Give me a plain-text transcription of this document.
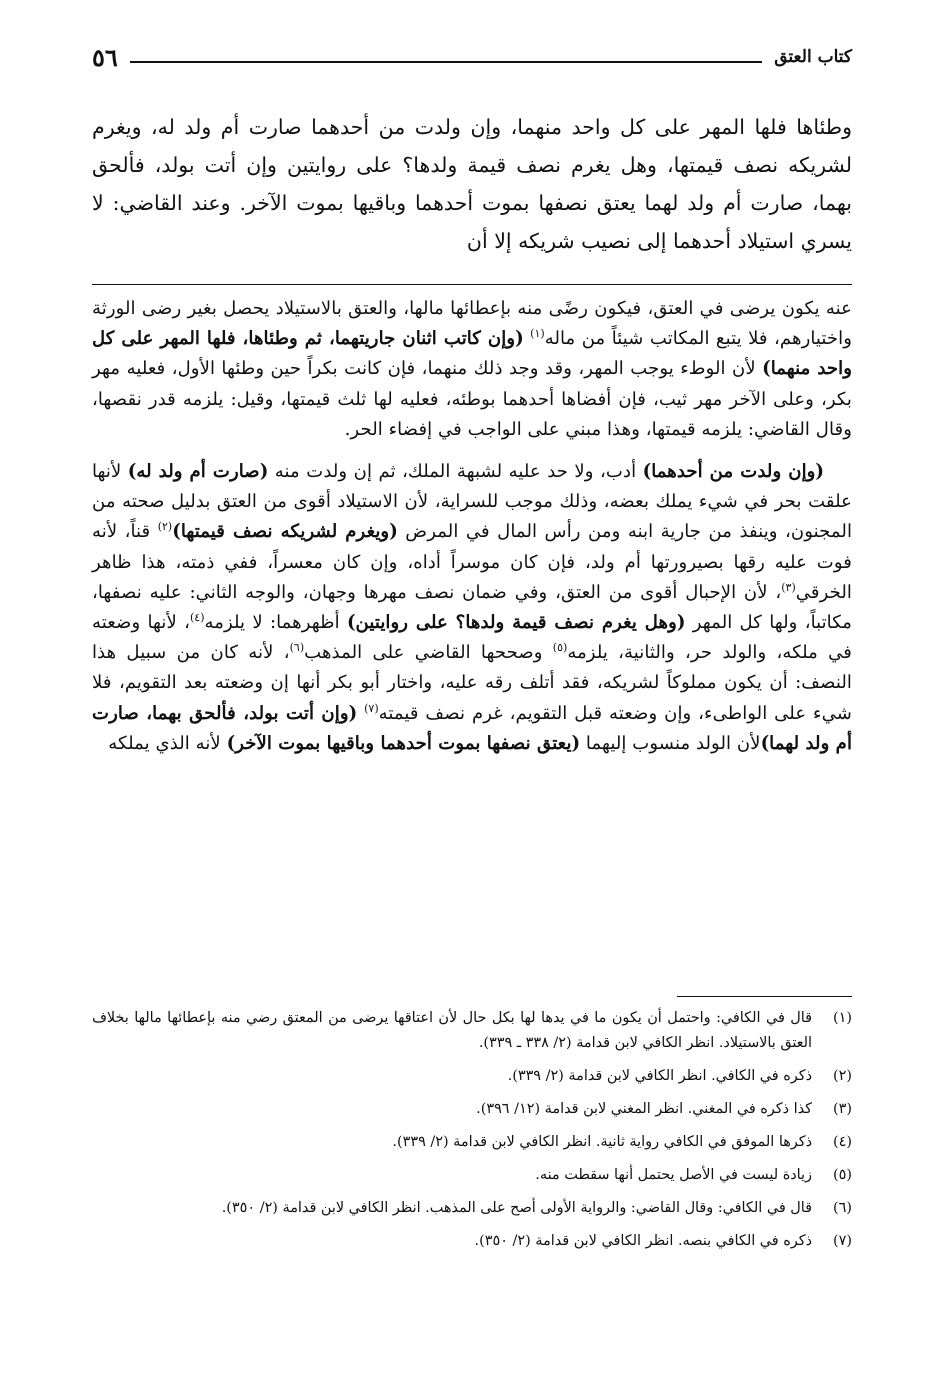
كتاب العتق
٥٦

وطئاها فلها المهر على كل واحد منهما، وإن ولدت من أحدهما صارت أم ولد له، ويغرم لشريكه نصف قيمتها، وهل يغرم نصف قيمة ولدها؟ على روايتين وإن أتت بولد، فألحق بهما، صارت أم ولد لهما يعتق نصفها بموت أحدهما وباقيها بموت الآخر. وعند القاضي: لا يسري استيلاد أحدهما إلى نصيب شريكه إلا أن

عنه يكون يرضى في العتق، فيكون رضًى منه بإعطائها مالها، والعتق بالاستيلاد يحصل بغير رضى الورثة واختيارهم، فلا يتبع المكاتب شيئاً من ماله$^{(١)}$ (وإن كاتب اثنان جاريتهما، ثم وطئاها، فلها المهر على كل واحد منهما) لأن الوطء يوجب المهر، وقد وجد ذلك منهما، فإن كانت بكراً حين وطئها الأول، فعليه مهر بكر، وعلى الآخر مهر ثيب، فإن أفضاها أحدهما بوطئه، فعليه لها ثلث قيمتها، وقيل: يلزمه قدر نقصها، وقال القاضي: يلزمه قيمتها، وهذا مبني على الواجب في إفضاء الحر.

(وإن ولدت من أحدهما) أدب، ولا حد عليه لشبهة الملك، ثم إن ولدت منه (صارت أم ولد له) لأنها علقت بحر في شيء يملك بعضه، وذلك موجب للسراية، لأن الاستيلاد أقوى من العتق بدليل صحته من المجنون، وينفذ من جارية ابنه ومن رأس المال في المرض (ويغرم لشريكه نصف قيمتها)$^{(٢)}$ قناً، لأنه فوت عليه رقها بصيرورتها أم ولد، فإن كان موسراً أداه، وإن كان معسراً، ففي ذمته، هذا ظاهر الخرقي$^{(٣)}$، لأن الإحبال أقوى من العتق، وفي ضمان نصف مهرها وجهان، والوجه الثاني: عليه نصفها، مكاتباً، ولها كل المهر (وهل يغرم نصف قيمة ولدها؟ على روايتين) أظهرهما: لا يلزمه$^{(٤)}$، لأنها وضعته في ملكه، والولد حر، والثانية، يلزمه$^{(٥)}$ وصححها القاضي على المذهب$^{(٦)}$، لأنه كان من سبيل هذا النصف: أن يكون مملوكاً لشريكه، فقد أتلف رقه عليه، واختار أبو بكر أنها إن وضعته بعد التقويم، فلا شيء على الواطىء، وإن وضعته قبل التقويم، غرم نصف قيمته$^{(٧)}$ (وإن أتت بولد، فألحق بهما، صارت أم ولد لهما)لأن الولد منسوب إليهما (يعتق نصفها بموت أحدهما وباقيها بموت الآخر) لأنه الذي يملكه

(١)
قال في الكافي: واحتمل أن يكون ما في يدها لها بكل حال لأن اعتاقها يرضى من المعتق رضي منه بإعطائها مالها بخلاف العتق بالاستيلاد. انظر الكافي لابن قدامة (٢/ ٣٣٨ ـ ٣٣٩).
(٢)
ذكره في الكافي. انظر الكافي لابن قدامة (٢/ ٣٣٩).
(٣)
كذا ذكره في المغني. انظر المغني لابن قدامة (١٢/ ٣٩٦).
(٤)
ذكرها الموفق في الكافي رواية ثانية. انظر الكافي لابن قدامة (٢/ ٣٣٩).
(٥)
زيادة ليست في الأصل يحتمل أنها سقطت منه.
(٦)
قال في الكافي: وقال القاضي: والرواية الأولى أصح على المذهب. انظر الكافي لابن قدامة (٢/ ٣٥٠).
(٧)
ذكره في الكافي بنصه. انظر الكافي لابن قدامة (٢/ ٣٥٠).
